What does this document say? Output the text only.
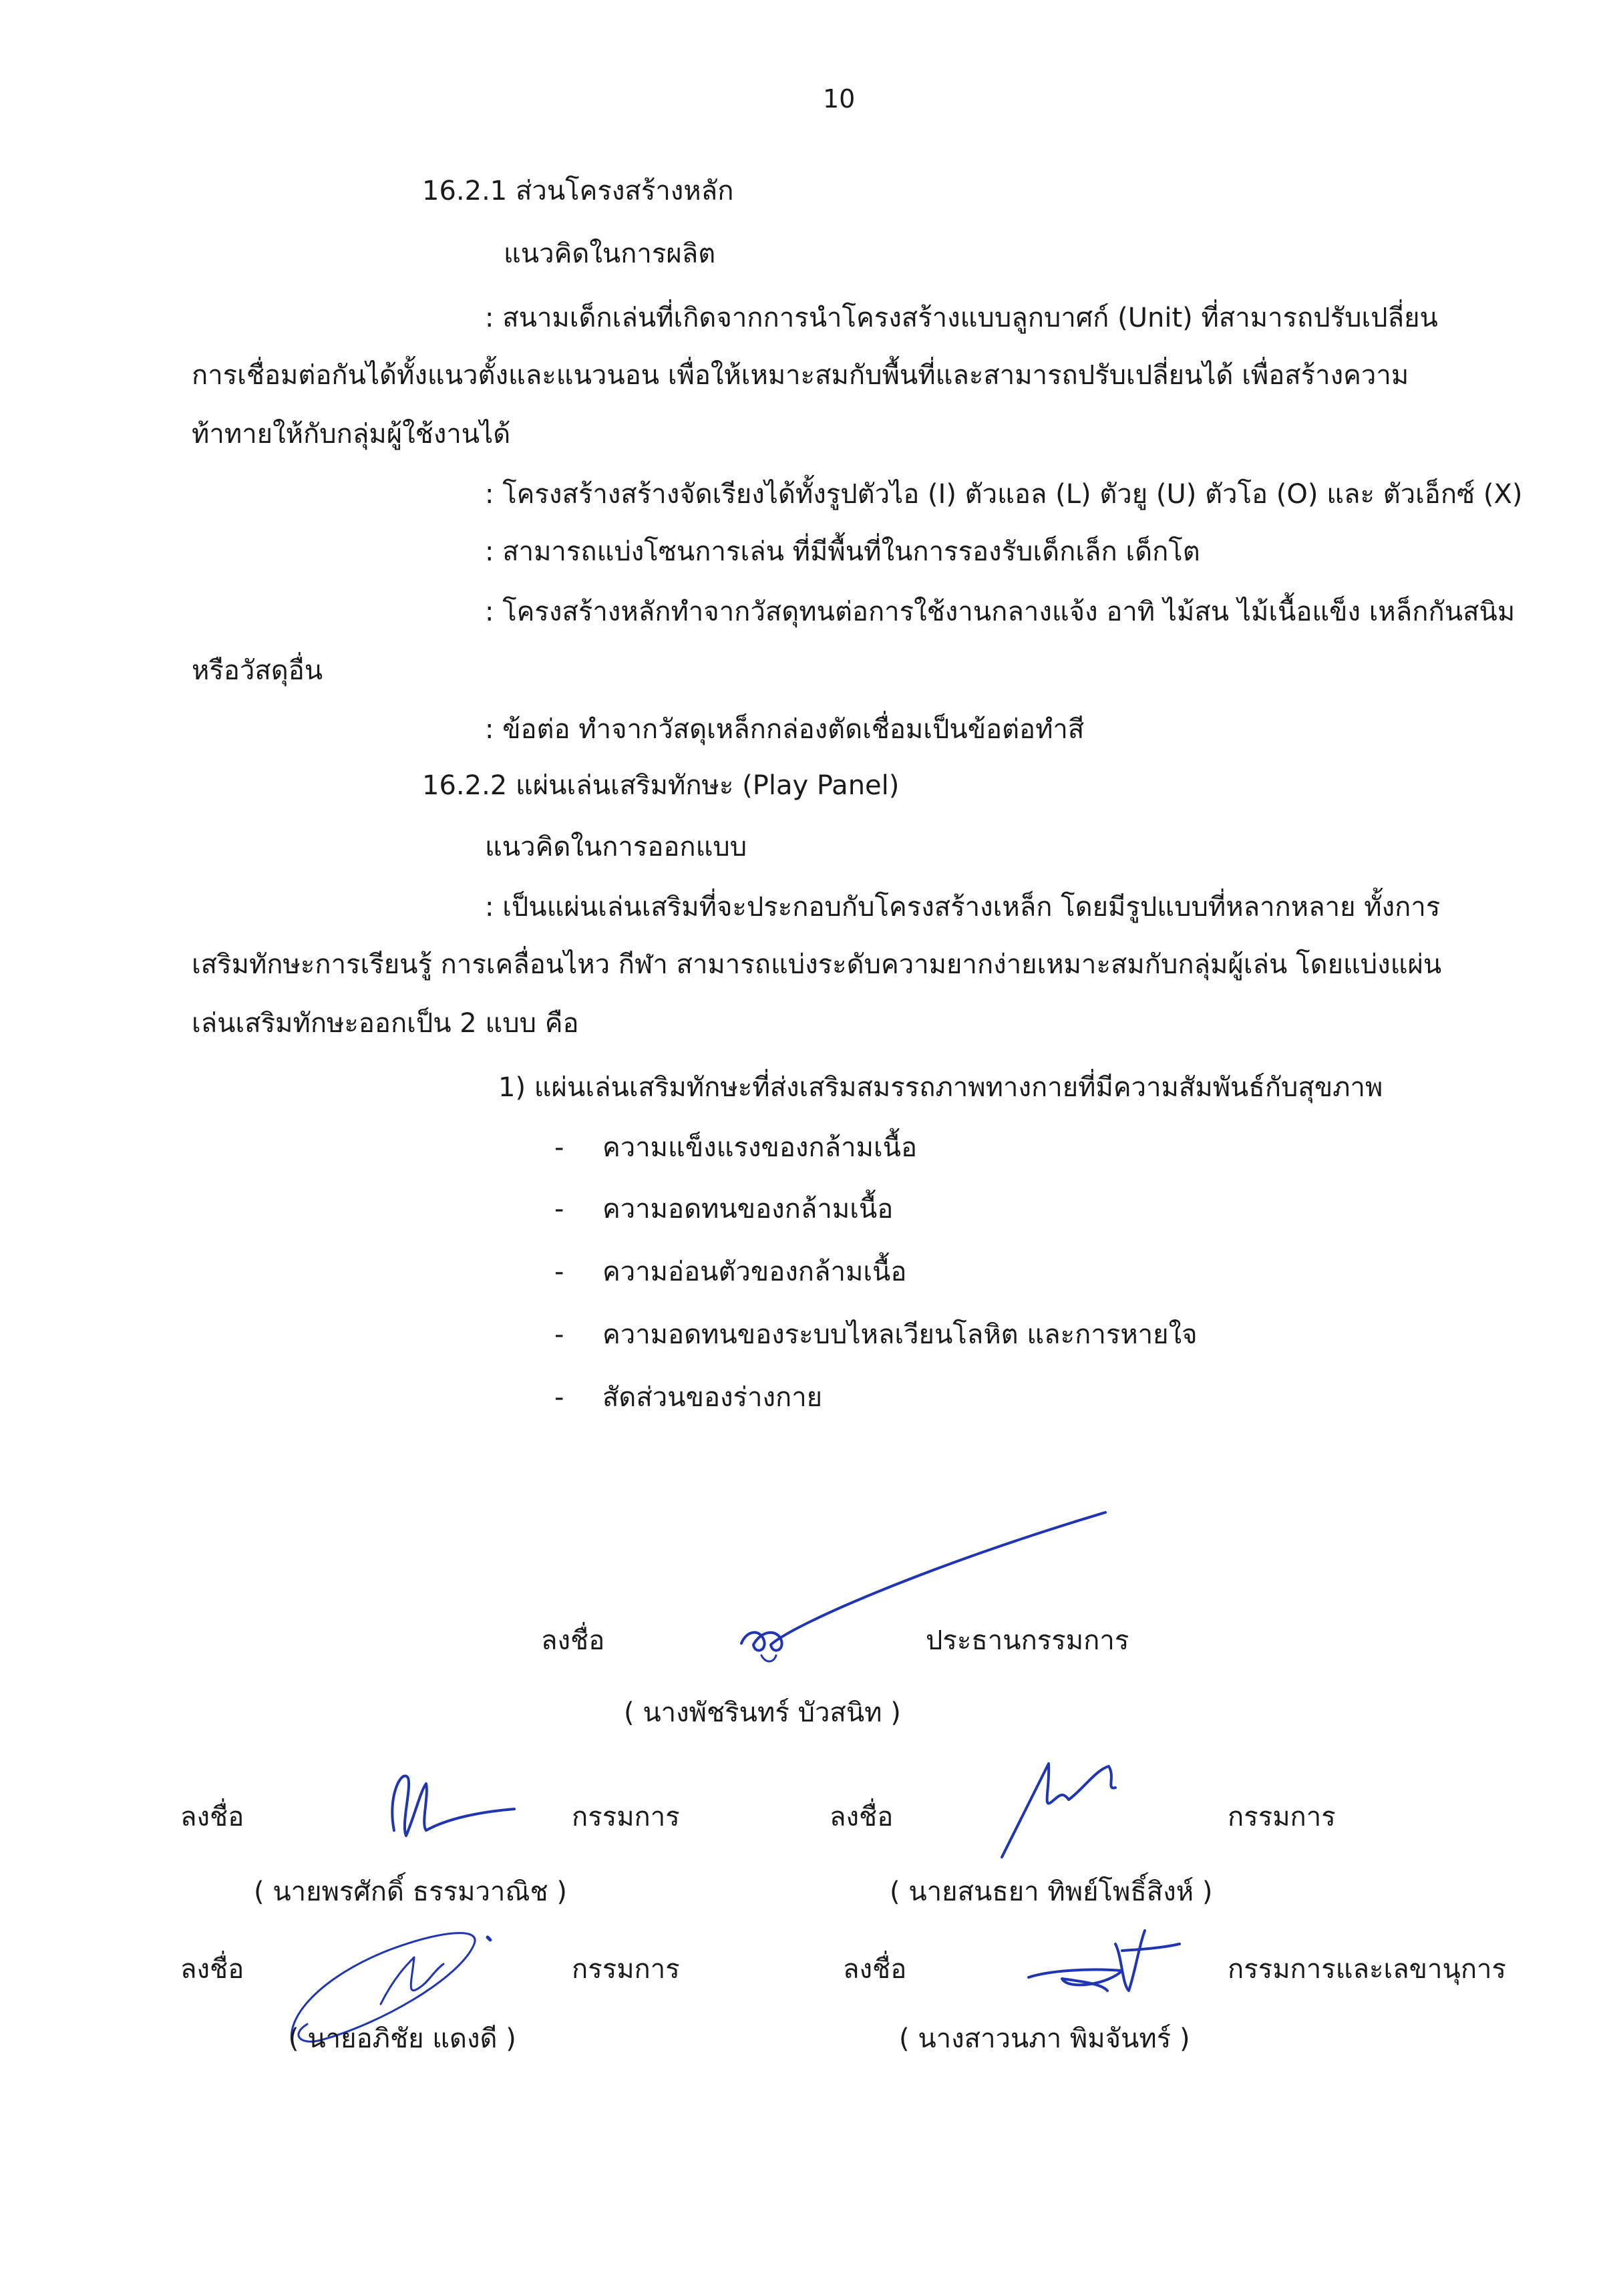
10
16.2.1 ส่วนโครงสร้างหลัก
แนวคิดในการผลิต
: สนามเด็กเล่นที่เกิดจากการนำโครงสร้างแบบลูกบาศก์ (Unit) ที่สามารถปรับเปลี่ยน
การเชื่อมต่อกันได้ทั้งแนวตั้งและแนวนอน เพื่อให้เหมาะสมกับพื้นที่และสามารถปรับเปลี่ยนได้ เพื่อสร้างความ
ท้าทายให้กับกลุ่มผู้ใช้งานได้
: โครงสร้างสร้างจัดเรียงได้ทั้งรูปตัวไอ (I) ตัวแอล (L) ตัวยู (U) ตัวโอ (O) และ ตัวเอ็กซ์ (X)
: สามารถแบ่งโซนการเล่น ที่มีพื้นที่ในการรองรับเด็กเล็ก เด็กโต
: โครงสร้างหลักทำจากวัสดุทนต่อการใช้งานกลางแจ้ง อาทิ ไม้สน ไม้เนื้อแข็ง เหล็กกันสนิม
หรือวัสดุอื่น
: ข้อต่อ ทำจากวัสดุเหล็กกล่องตัดเชื่อมเป็นข้อต่อทำสี
16.2.2 แผ่นเล่นเสริมทักษะ (Play Panel)
แนวคิดในการออกแบบ
: เป็นแผ่นเล่นเสริมที่จะประกอบกับโครงสร้างเหล็ก โดยมีรูปแบบที่หลากหลาย ทั้งการ
เสริมทักษะการเรียนรู้ การเคลื่อนไหว กีฬา สามารถแบ่งระดับความยากง่ายเหมาะสมกับกลุ่มผู้เล่น โดยแบ่งแผ่น
เล่นเสริมทักษะออกเป็น 2 แบบ คือ
1) แผ่นเล่นเสริมทักษะที่ส่งเสริมสมรรถภาพทางกายที่มีความสัมพันธ์กับสุขภาพ
- ความแข็งแรงของกล้ามเนื้อ
- ความอดทนของกล้ามเนื้อ
- ความอ่อนตัวของกล้ามเนื้อ
- ความอดทนของระบบไหลเวียนโลหิต และการหายใจ
- สัดส่วนของร่างกาย
ลงชื่อ	ประธานกรรมการ
( นางพัชรินทร์ บัวสนิท )
ลงชื่อ	กรรมการ
( นายพรศักดิ์ ธรรมวาณิช )
ลงชื่อ	กรรมการ
( นายสนธยา ทิพย์โพธิ์สิงห์ )
ลงชื่อ	กรรมการ
( นายอภิชัย แดงดี )
ลงชื่อ	กรรมการและเลขานุการ
( นางสาวนภา พิมจันทร์ )
